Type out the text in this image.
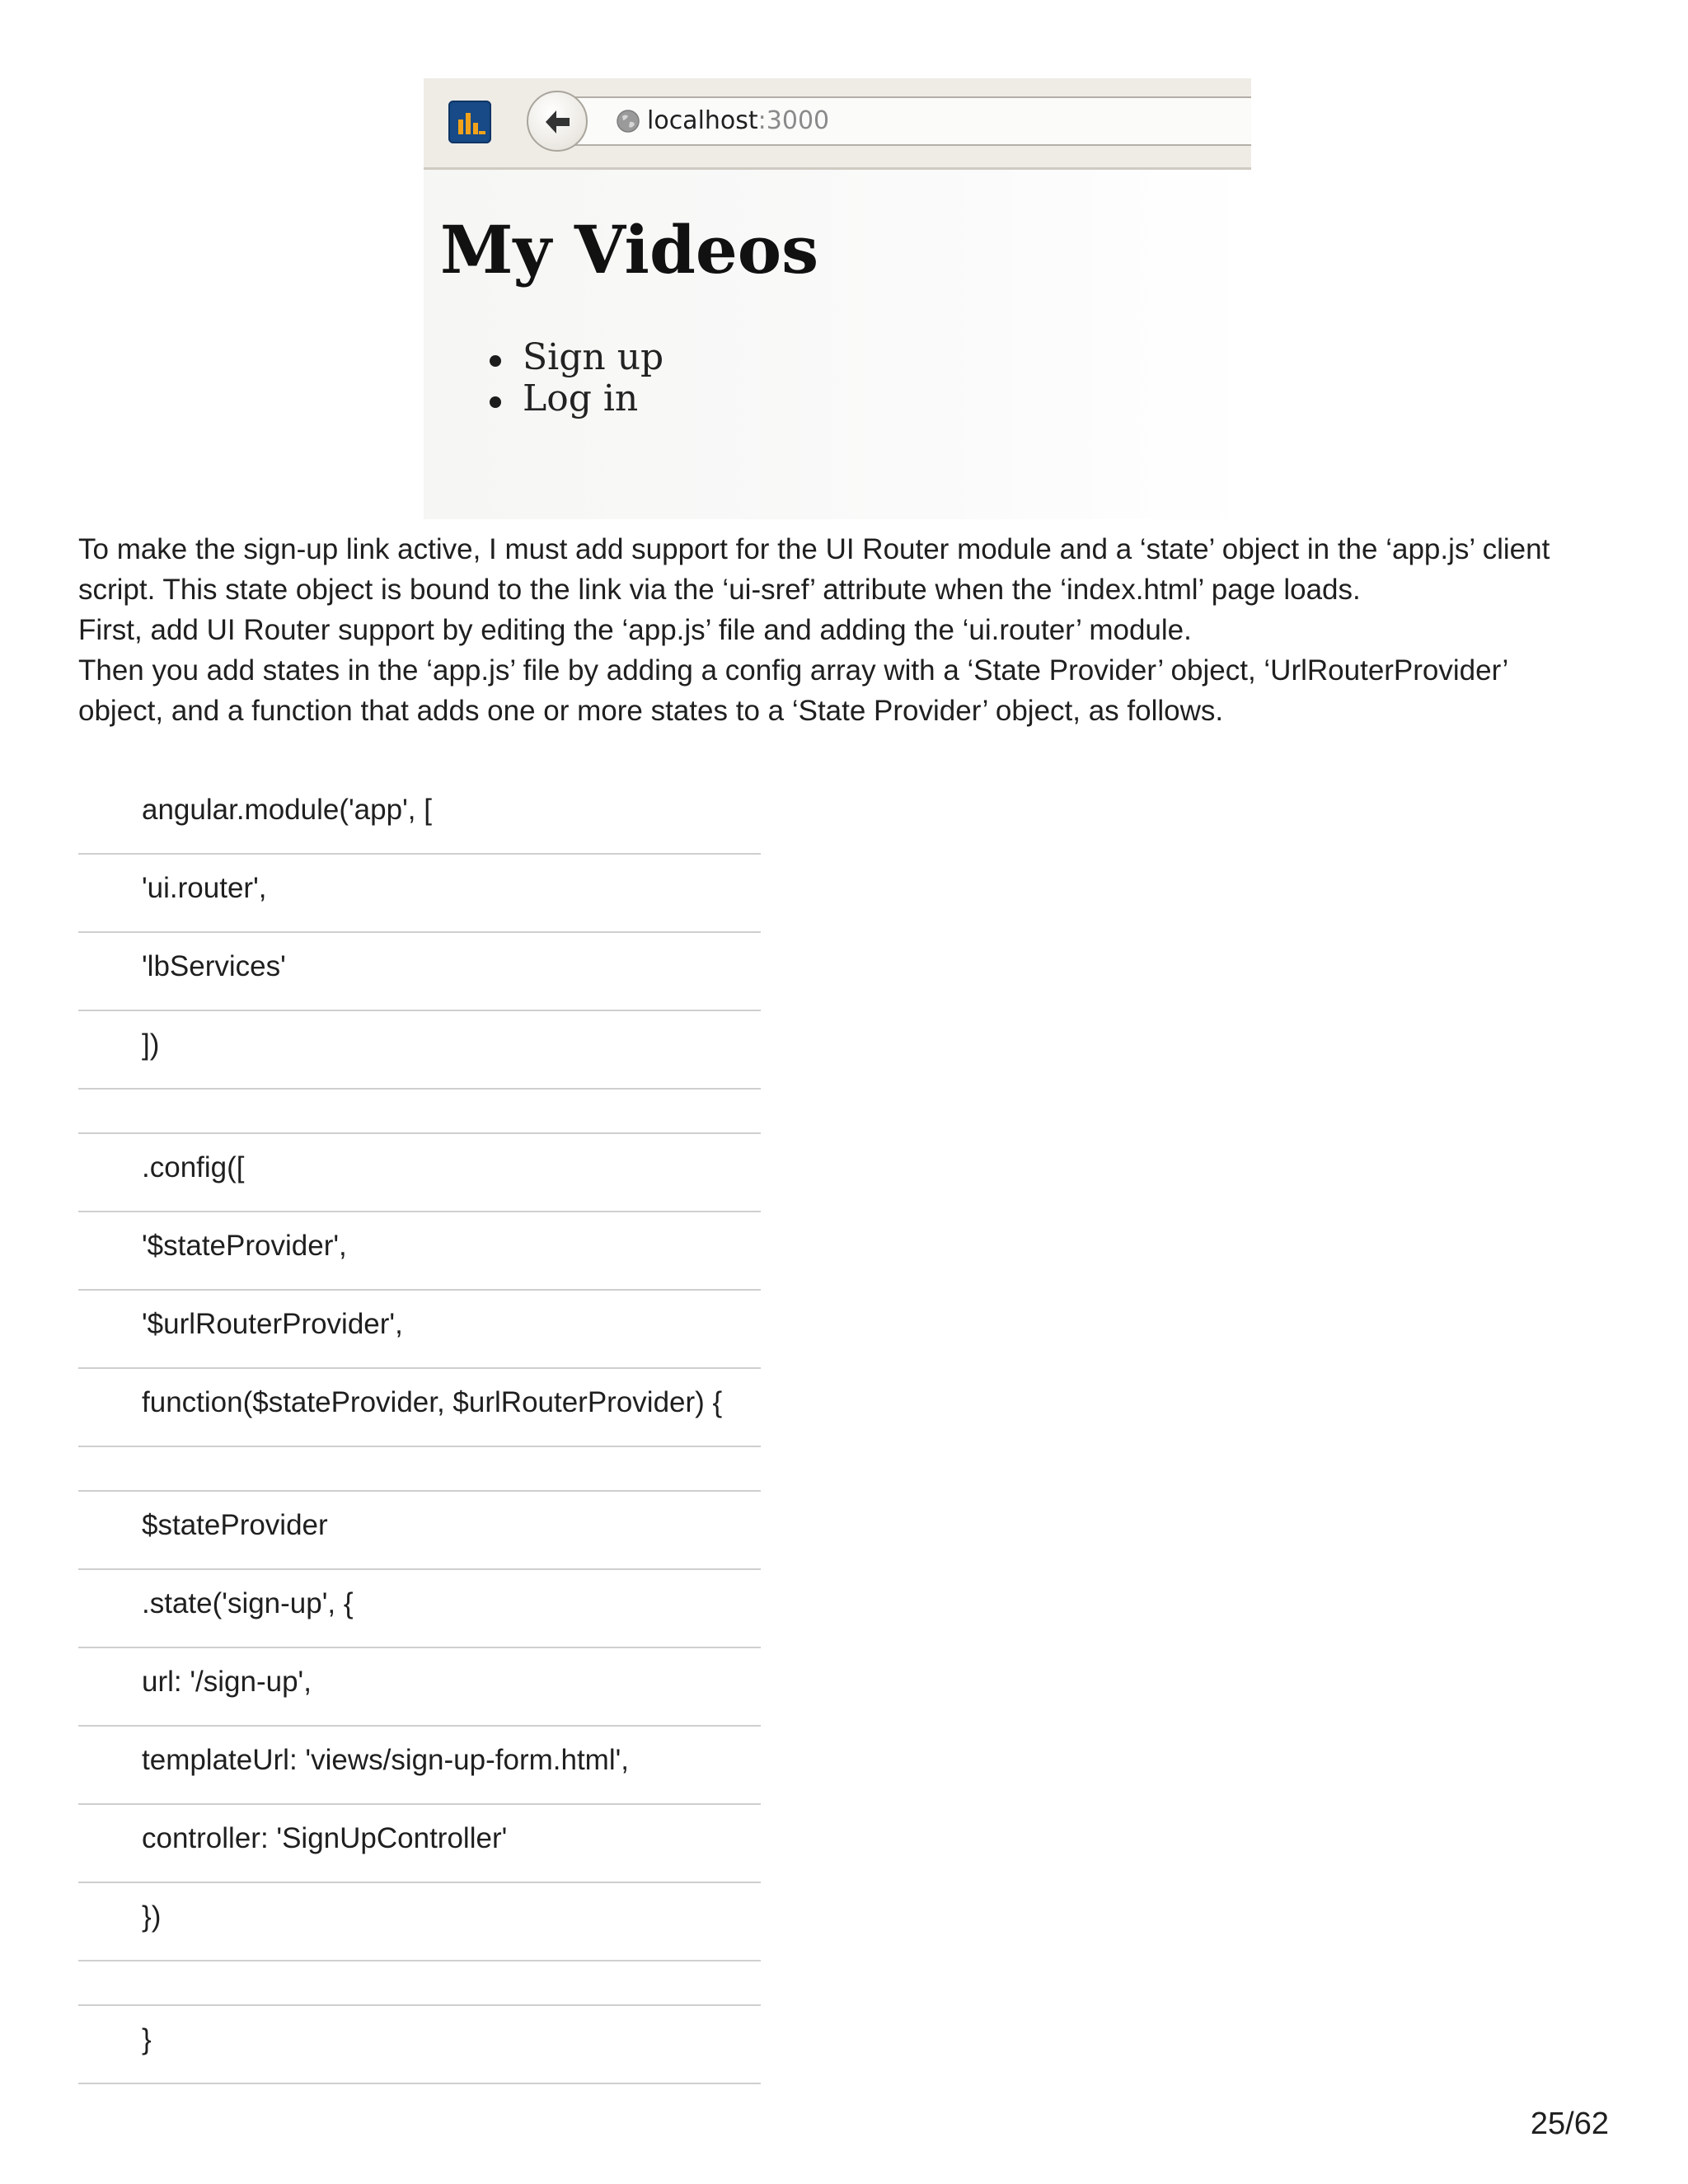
localhost:3000
My Videos
Sign up
Log in

To make the sign-up link active, I must add support for the UI Router module and a ‘state’ object in the ‘app.js’ client

script. This state object is bound to the link via the ‘ui-sref’ attribute when the ‘index.html’ page loads.

First, add UI Router support by editing the ‘app.js’ file and adding the ‘ui.router’ module.

Then you add states in the ‘app.js’ file by adding a config array with a ‘State Provider’ object, ‘UrlRouterProvider’

object, and a function that adds one or more states to a ‘State Provider’ object, as follows.

angular.module('app', [
'ui.router',
'lbServices'
])
.config([
'$stateProvider',
'$urlRouterProvider',
function($stateProvider, $urlRouterProvider) {
$stateProvider
.state('sign-up', {
url: '/sign-up',
templateUrl: 'views/sign-up-form.html',
controller: 'SignUpController'
})
}
25/62
